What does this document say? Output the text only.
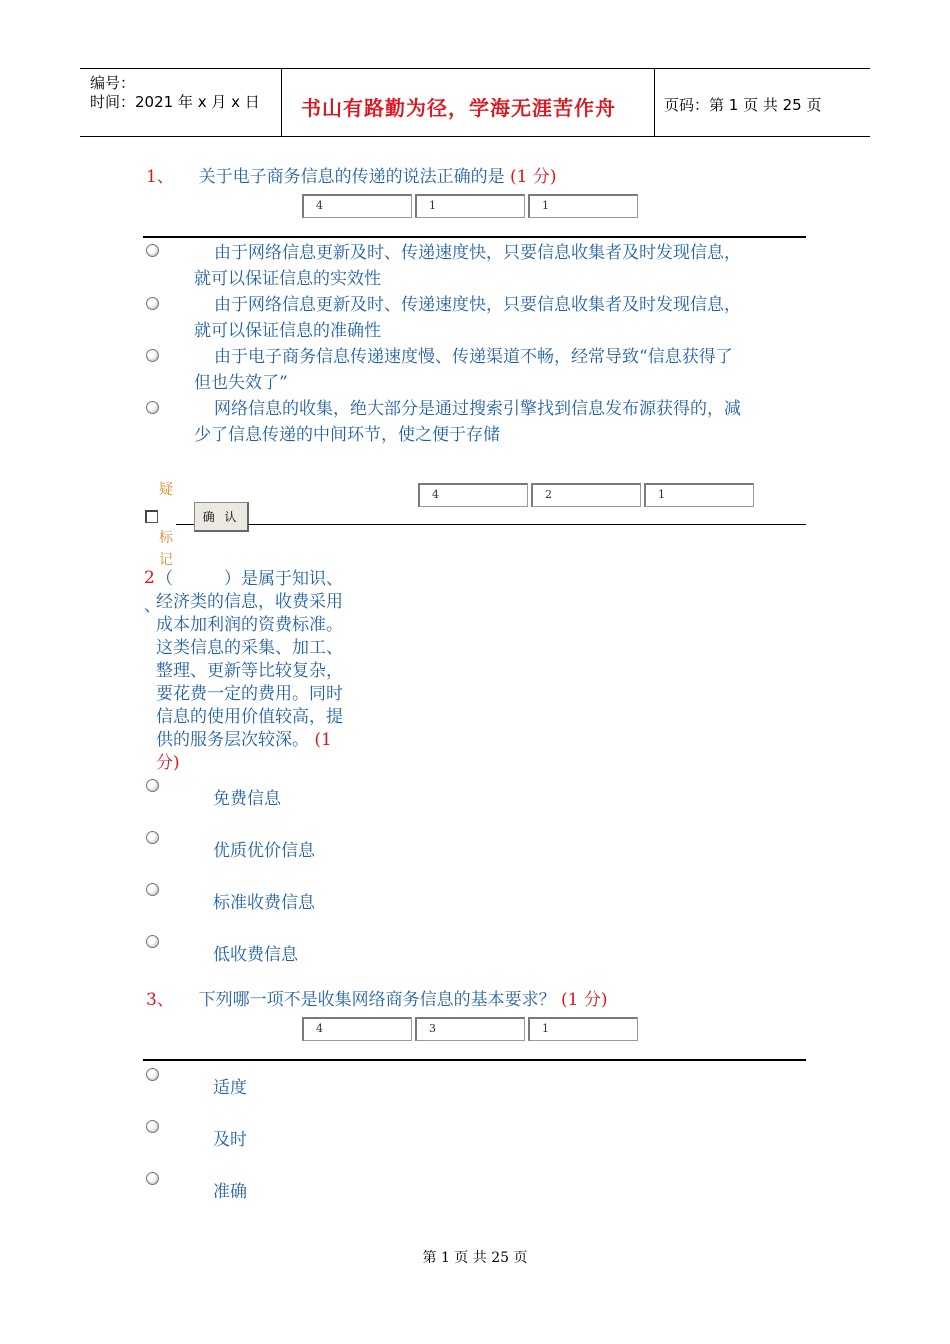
编号：
时间：2021 年 x 月 x 日 书山有路勤为径，学海无涯苦作舟	页码：第 1 页 共 25 页
1、 关于电子商务信息的传递的说法正确的是 (1 分)
4	1	1
由于网络信息更新及时、传递速度快，只要信息收集者及时发现信息，
就可以保证信息的实效性
由于网络信息更新及时、传递速度快，只要信息收集者及时发现信息，
就可以保证信息的准确性
由于电子商务信息传递速度慢、传递渠道不畅，经常导致“信息获得了
但也失效了”
网络信息的收集，绝大部分是通过搜索引擎找到信息发布源获得的，减
少了信息传递的中间环节，使之便于存储
疑
确 认
4	2	1
标
记
2
、
（　　　）是属于知识、经济类的信息，收费采用成本加利润的资费标准。这类信息的采集、加工、整理、更新等比较复杂，要花费一定的费用。同时信息的使用价值较高，提供的服务层次较深。 (1 分)
免费信息
优质优价信息
标准收费信息
低收费信息
3、 下列哪一项不是收集网络商务信息的基本要求？ (1 分)
4	3	1
适度
及时
准确
第 1 页 共 25 页
